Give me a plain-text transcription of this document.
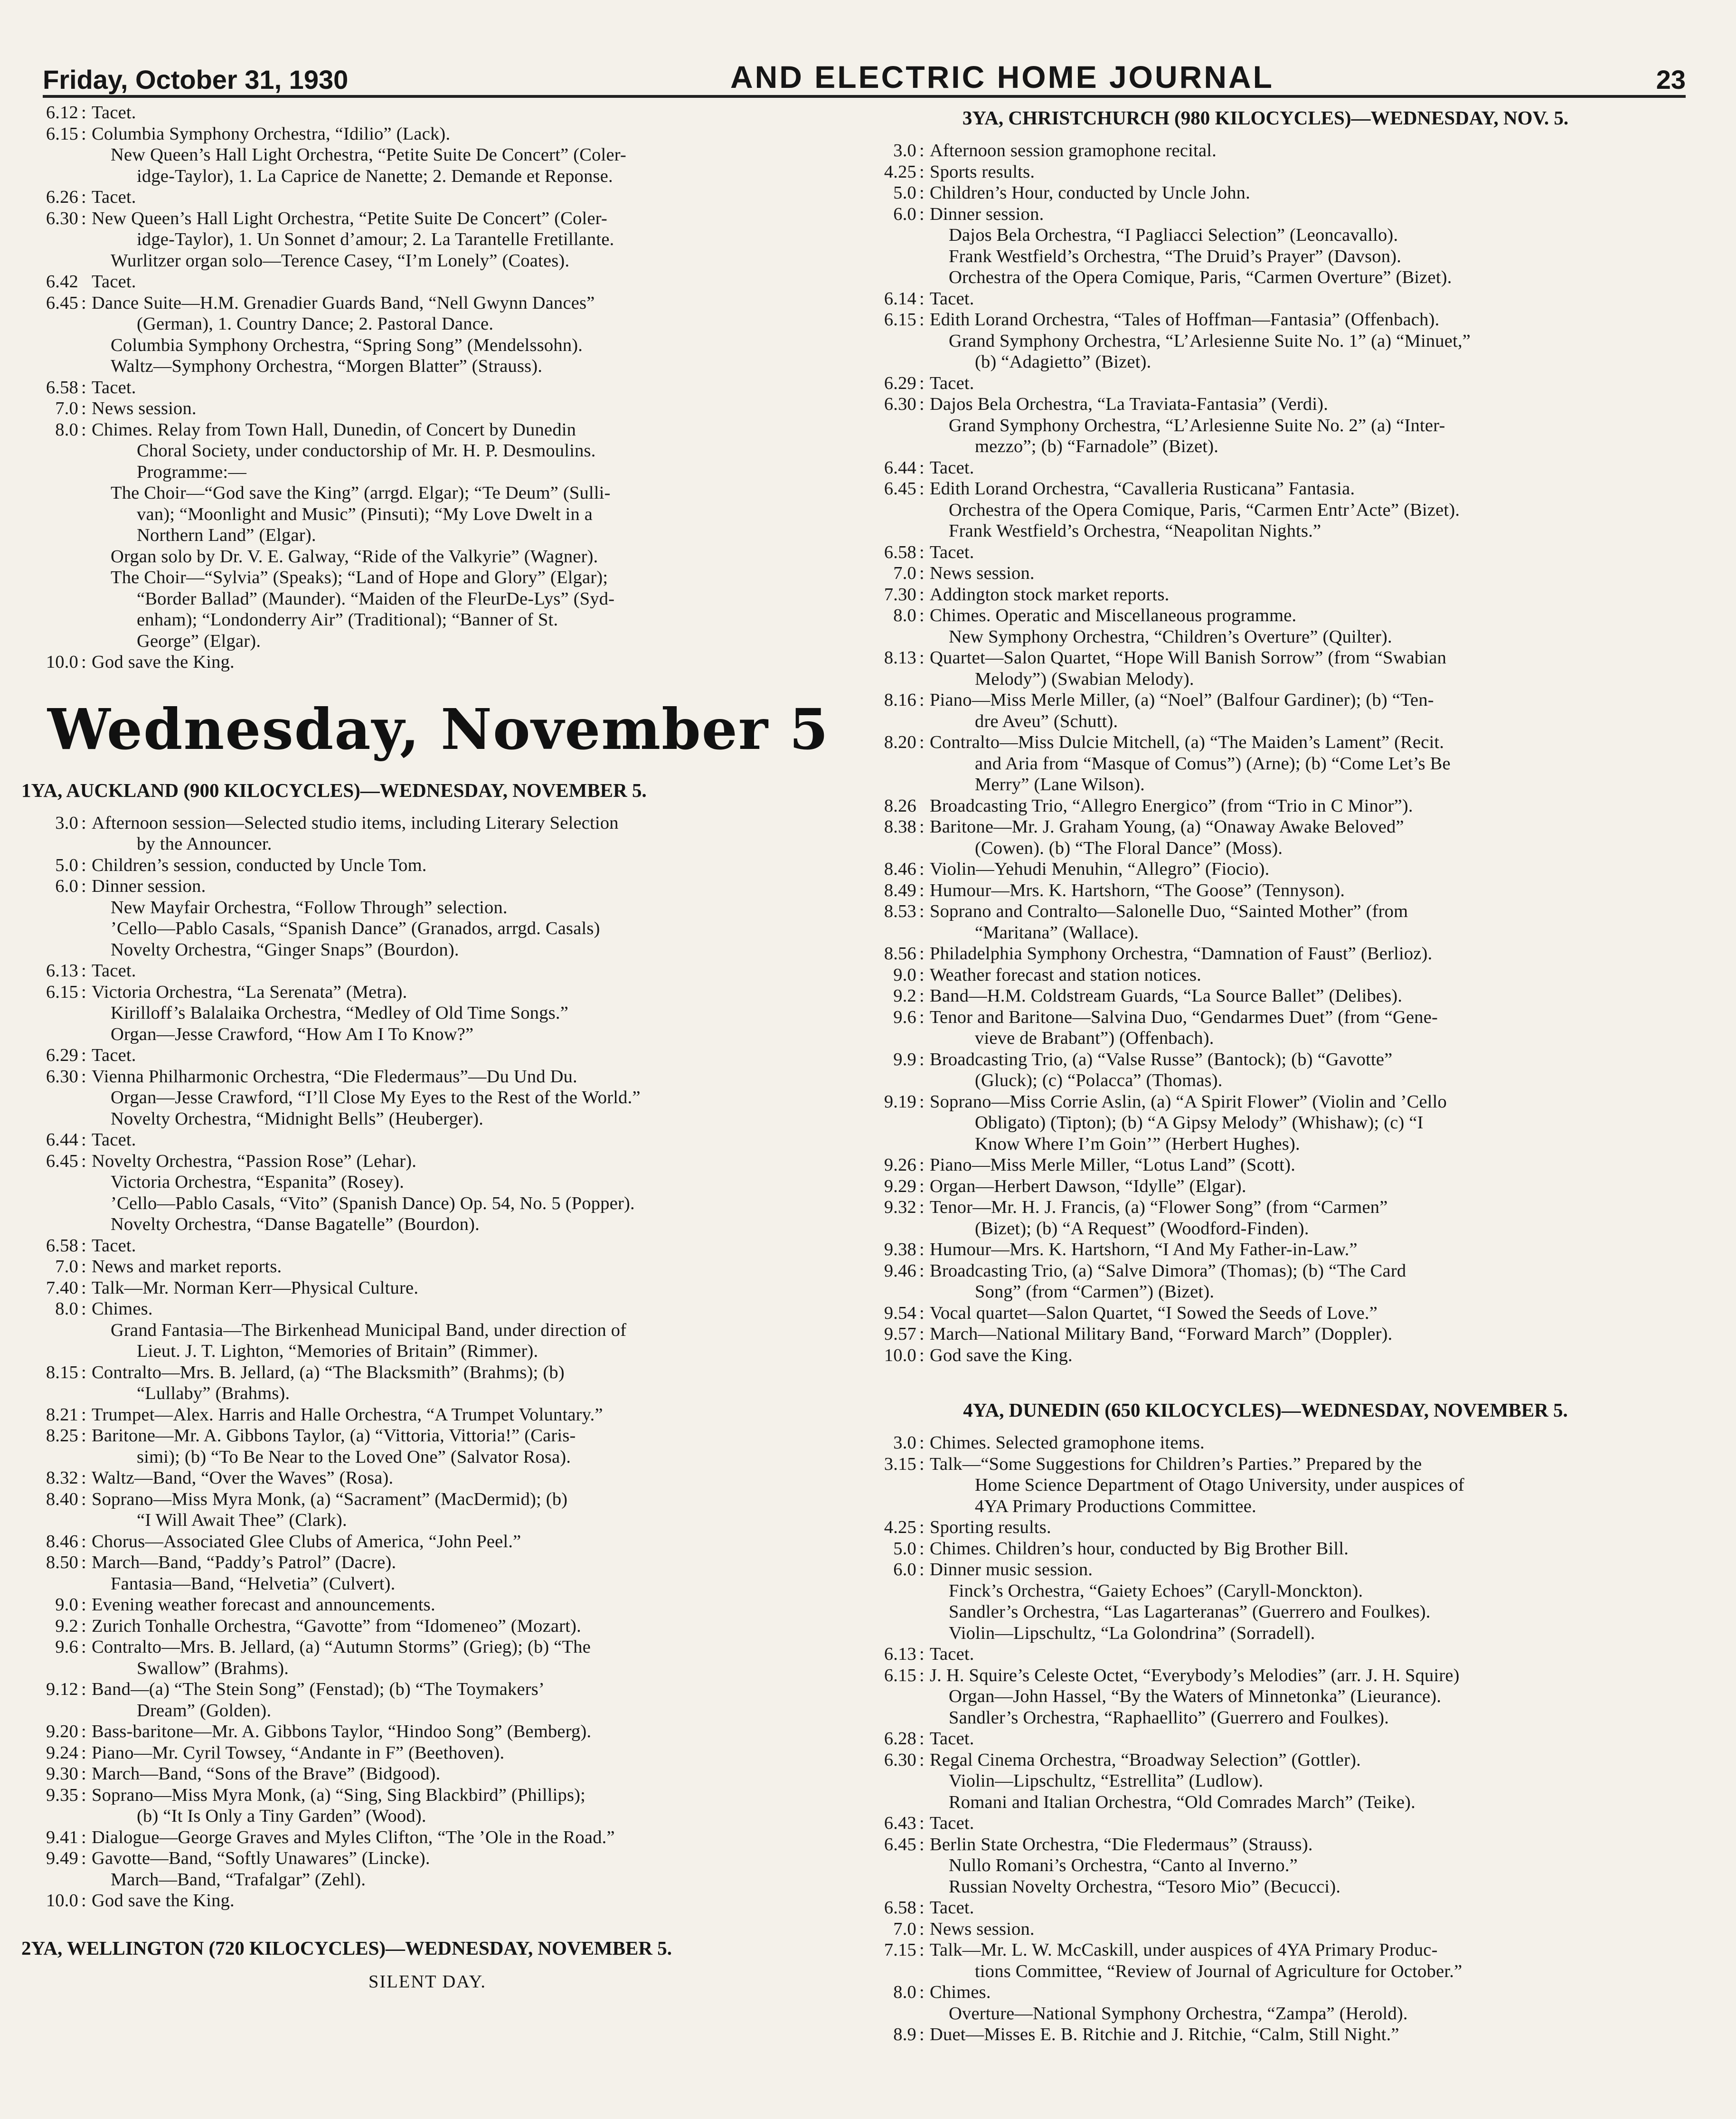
Friday, October 31, 1930	AND ELECTRIC HOME JOURNAL	23
6.12 : Tacet.
6.15 : Columbia Symphony Orchestra, “Idilio” (Lack).
New Queen’s Hall Light Orchestra, “Petite Suite De Concert” (Coler-
idge-Taylor), 1. La Caprice de Nanette; 2. Demande et Reponse.
6.26 : Tacet.
6.30 : New Queen’s Hall Light Orchestra, “Petite Suite De Concert” (Coler-
idge-Taylor), 1. Un Sonnet d’amour; 2. La Tarantelle Fretillante.
Wurlitzer organ solo—Terence Casey, “I’m Lonely” (Coates).
6.42 Tacet.
6.45 : Dance Suite—H.M. Grenadier Guards Band, “Nell Gwynn Dances”
(German), 1. Country Dance; 2. Pastoral Dance.
Columbia Symphony Orchestra, “Spring Song” (Mendelssohn).
Waltz—Symphony Orchestra, “Morgen Blatter” (Strauss).
6.58 : Tacet.
7.0 : News session.
8.0 : Chimes. Relay from Town Hall, Dunedin, of Concert by Dunedin
Choral Society, under conductorship of Mr. H. P. Desmoulins.
Programme:—
The Choir—“God save the King” (arrgd. Elgar); “Te Deum” (Sulli-
van); “Moonlight and Music” (Pinsuti); “My Love Dwelt in a
Northern Land” (Elgar).
Organ solo by Dr. V. E. Galway, “Ride of the Valkyrie” (Wagner).
The Choir—“Sylvia” (Speaks); “Land of Hope and Glory” (Elgar);
“Border Ballad” (Maunder). “Maiden of the FleurDe-Lys” (Syd-
enham); “Londonderry Air” (Traditional); “Banner of St.
George” (Elgar).
10.0 : God save the King.
Wednesday, November 5
1YA, AUCKLAND (900 KILOCYCLES)—WEDNESDAY, NOVEMBER 5.
3.0 : Afternoon session—Selected studio items, including Literary Selection
by the Announcer.
5.0 : Children’s session, conducted by Uncle Tom.
6.0 : Dinner session.
New Mayfair Orchestra, “Follow Through” selection.
’Cello—Pablo Casals, “Spanish Dance” (Granados, arrgd. Casals)
Novelty Orchestra, “Ginger Snaps” (Bourdon).
6.13 : Tacet.
6.15 : Victoria Orchestra, “La Serenata” (Metra).
Kirilloff’s Balalaika Orchestra, “Medley of Old Time Songs.”
Organ—Jesse Crawford, “How Am I To Know?”
6.29 : Tacet.
6.30 : Vienna Philharmonic Orchestra, “Die Fledermaus”—Du Und Du.
Organ—Jesse Crawford, “I’ll Close My Eyes to the Rest of the World.”
Novelty Orchestra, “Midnight Bells” (Heuberger).
6.44 : Tacet.
6.45 : Novelty Orchestra, “Passion Rose” (Lehar).
Victoria Orchestra, “Espanita” (Rosey).
’Cello—Pablo Casals, “Vito” (Spanish Dance) Op. 54, No. 5 (Popper).
Novelty Orchestra, “Danse Bagatelle” (Bourdon).
6.58 : Tacet.
7.0 : News and market reports.
7.40 : Talk—Mr. Norman Kerr—Physical Culture.
8.0 : Chimes.
Grand Fantasia—The Birkenhead Municipal Band, under direction of
Lieut. J. T. Lighton, “Memories of Britain” (Rimmer).
8.15 : Contralto—Mrs. B. Jellard, (a) “The Blacksmith” (Brahms); (b)
“Lullaby” (Brahms).
8.21 : Trumpet—Alex. Harris and Halle Orchestra, “A Trumpet Voluntary.”
8.25 : Baritone—Mr. A. Gibbons Taylor, (a) “Vittoria, Vittoria!” (Caris-
simi); (b) “To Be Near to the Loved One” (Salvator Rosa).
8.32 : Waltz—Band, “Over the Waves” (Rosa).
8.40 : Soprano—Miss Myra Monk, (a) “Sacrament” (MacDermid); (b)
“I Will Await Thee” (Clark).
8.46 : Chorus—Associated Glee Clubs of America, “John Peel.”
8.50 : March—Band, “Paddy’s Patrol” (Dacre).
Fantasia—Band, “Helvetia” (Culvert).
9.0 : Evening weather forecast and announcements.
9.2 : Zurich Tonhalle Orchestra, “Gavotte” from “Idomeneo” (Mozart).
9.6 : Contralto—Mrs. B. Jellard, (a) “Autumn Storms” (Grieg); (b) “The
Swallow” (Brahms).
9.12 : Band—(a) “The Stein Song” (Fenstad); (b) “The Toymakers’
Dream” (Golden).
9.20 : Bass-baritone—Mr. A. Gibbons Taylor, “Hindoo Song” (Bemberg).
9.24 : Piano—Mr. Cyril Towsey, “Andante in F” (Beethoven).
9.30 : March—Band, “Sons of the Brave” (Bidgood).
9.35 : Soprano—Miss Myra Monk, (a) “Sing, Sing Blackbird” (Phillips);
(b) “It Is Only a Tiny Garden” (Wood).
9.41 : Dialogue—George Graves and Myles Clifton, “The ’Ole in the Road.”
9.49 : Gavotte—Band, “Softly Unawares” (Lincke).
March—Band, “Trafalgar” (Zehl).
10.0 : God save the King.
2YA, WELLINGTON (720 KILOCYCLES)—WEDNESDAY, NOVEMBER 5.
SILENT DAY.
3YA, CHRISTCHURCH (980 KILOCYCLES)—WEDNESDAY, NOV. 5.
3.0 : Afternoon session gramophone recital.
4.25 : Sports results.
5.0 : Children’s Hour, conducted by Uncle John.
6.0 : Dinner session.
Dajos Bela Orchestra, “I Pagliacci Selection” (Leoncavallo).
Frank Westfield’s Orchestra, “The Druid’s Prayer” (Davson).
Orchestra of the Opera Comique, Paris, “Carmen Overture” (Bizet).
6.14 : Tacet.
6.15 : Edith Lorand Orchestra, “Tales of Hoffman—Fantasia” (Offenbach).
Grand Symphony Orchestra, “L’Arlesienne Suite No. 1” (a) “Minuet,”
(b) “Adagietto” (Bizet).
6.29 : Tacet.
6.30 : Dajos Bela Orchestra, “La Traviata-Fantasia” (Verdi).
Grand Symphony Orchestra, “L’Arlesienne Suite No. 2” (a) “Inter-
mezzo”; (b) “Farnadole” (Bizet).
6.44 : Tacet.
6.45 : Edith Lorand Orchestra, “Cavalleria Rusticana” Fantasia.
Orchestra of the Opera Comique, Paris, “Carmen Entr’Acte” (Bizet).
Frank Westfield’s Orchestra, “Neapolitan Nights.”
6.58 : Tacet.
7.0 : News session.
7.30 : Addington stock market reports.
8.0 : Chimes. Operatic and Miscellaneous programme.
New Symphony Orchestra, “Children’s Overture” (Quilter).
8.13 : Quartet—Salon Quartet, “Hope Will Banish Sorrow” (from “Swabian
Melody”) (Swabian Melody).
8.16 : Piano—Miss Merle Miller, (a) “Noel” (Balfour Gardiner); (b) “Ten-
dre Aveu” (Schutt).
8.20 : Contralto—Miss Dulcie Mitchell, (a) “The Maiden’s Lament” (Recit.
and Aria from “Masque of Comus”) (Arne); (b) “Come Let’s Be
Merry” (Lane Wilson).
8.26 Broadcasting Trio, “Allegro Energico” (from “Trio in C Minor”).
8.38 : Baritone—Mr. J. Graham Young, (a) “Onaway Awake Beloved”
(Cowen). (b) “The Floral Dance” (Moss).
8.46 : Violin—Yehudi Menuhin, “Allegro” (Fiocio).
8.49 : Humour—Mrs. K. Hartshorn, “The Goose” (Tennyson).
8.53 : Soprano and Contralto—Salonelle Duo, “Sainted Mother” (from
“Maritana” (Wallace).
8.56 : Philadelphia Symphony Orchestra, “Damnation of Faust” (Berlioz).
9.0 : Weather forecast and station notices.
9.2 : Band—H.M. Coldstream Guards, “La Source Ballet” (Delibes).
9.6 : Tenor and Baritone—Salvina Duo, “Gendarmes Duet” (from “Gene-
vieve de Brabant”) (Offenbach).
9.9 : Broadcasting Trio, (a) “Valse Russe” (Bantock); (b) “Gavotte”
(Gluck); (c) “Polacca” (Thomas).
9.19 : Soprano—Miss Corrie Aslin, (a) “A Spirit Flower” (Violin and ’Cello
Obligato) (Tipton); (b) “A Gipsy Melody” (Whishaw); (c) “I
Know Where I’m Goin’” (Herbert Hughes).
9.26 : Piano—Miss Merle Miller, “Lotus Land” (Scott).
9.29 : Organ—Herbert Dawson, “Idylle” (Elgar).
9.32 : Tenor—Mr. H. J. Francis, (a) “Flower Song” (from “Carmen”
(Bizet); (b) “A Request” (Woodford-Finden).
9.38 : Humour—Mrs. K. Hartshorn, “I And My Father-in-Law.”
9.46 : Broadcasting Trio, (a) “Salve Dimora” (Thomas); (b) “The Card
Song” (from “Carmen”) (Bizet).
9.54 : Vocal quartet—Salon Quartet, “I Sowed the Seeds of Love.”
9.57 : March—National Military Band, “Forward March” (Doppler).
10.0 : God save the King.
4YA, DUNEDIN (650 KILOCYCLES)—WEDNESDAY, NOVEMBER 5.
3.0 : Chimes. Selected gramophone items.
3.15 : Talk—“Some Suggestions for Children’s Parties.” Prepared by the
Home Science Department of Otago University, under auspices of
4YA Primary Productions Committee.
4.25 : Sporting results.
5.0 : Chimes. Children’s hour, conducted by Big Brother Bill.
6.0 : Dinner music session.
Finck’s Orchestra, “Gaiety Echoes” (Caryll-Monckton).
Sandler’s Orchestra, “Las Lagarteranas” (Guerrero and Foulkes).
Violin—Lipschultz, “La Golondrina” (Sorradell).
6.13 : Tacet.
6.15 : J. H. Squire’s Celeste Octet, “Everybody’s Melodies” (arr. J. H. Squire)
Organ—John Hassel, “By the Waters of Minnetonka” (Lieurance).
Sandler’s Orchestra, “Raphaellito” (Guerrero and Foulkes).
6.28 : Tacet.
6.30 : Regal Cinema Orchestra, “Broadway Selection” (Gottler).
Violin—Lipschultz, “Estrellita” (Ludlow).
Romani and Italian Orchestra, “Old Comrades March” (Teike).
6.43 : Tacet.
6.45 : Berlin State Orchestra, “Die Fledermaus” (Strauss).
Nullo Romani’s Orchestra, “Canto al Inverno.”
Russian Novelty Orchestra, “Tesoro Mio” (Becucci).
6.58 : Tacet.
7.0 : News session.
7.15 : Talk—Mr. L. W. McCaskill, under auspices of 4YA Primary Produc-
tions Committee, “Review of Journal of Agriculture for October.”
8.0 : Chimes.
Overture—National Symphony Orchestra, “Zampa” (Herold).
8.9 : Duet—Misses E. B. Ritchie and J. Ritchie, “Calm, Still Night.”
